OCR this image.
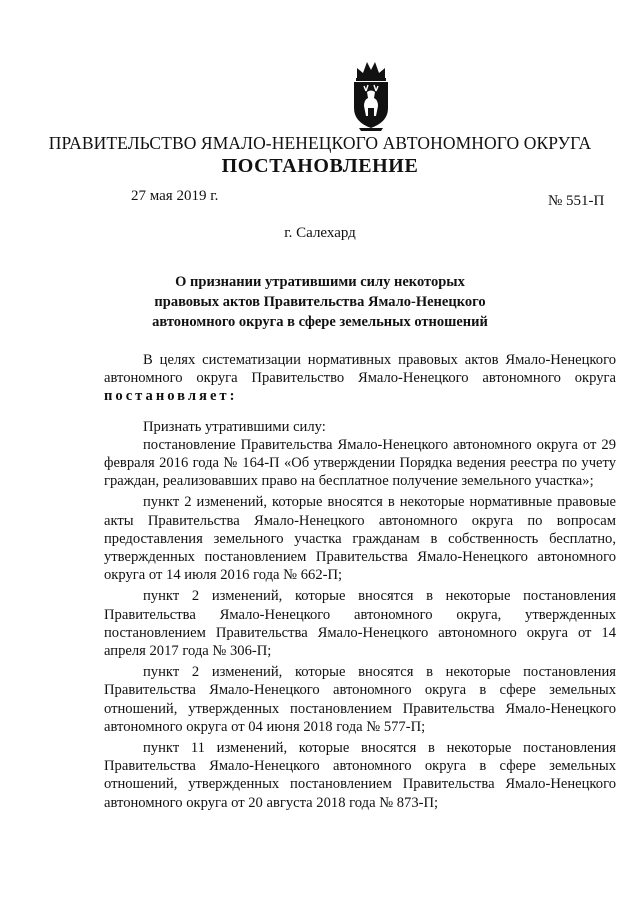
ПРАВИТЕЛЬСТВО ЯМАЛО-НЕНЕЦКОГО АВТОНОМНОГО ОКРУГА
ПОСТАНОВЛЕНИЕ
27 мая 2019 г.	№ 551-П
г. Салехард
О признании утратившими силу некоторых правовых актов Правительства Ямало-Ненецкого автономного округа в сфере земельных отношений

В целях систематизации нормативных правовых актов Ямало-Ненецкого автономного округа Правительство Ямало-Ненецкого автономного округа постановляет:

Признать утратившими силу:

постановление Правительства Ямало-Ненецкого автономного округа от 29 февраля 2016 года № 164-П «Об утверждении Порядка ведения реестра по учету граждан, реализовавших право на бесплатное получение земельного участка»;

пункт 2 изменений, которые вносятся в некоторые нормативные правовые акты Правительства Ямало-Ненецкого автономного округа по вопросам предоставления земельного участка гражданам в собственность бесплатно, утвержденных постановлением Правительства Ямало-Ненецкого автономного округа от 14 июля 2016 года № 662-П;

пункт 2 изменений, которые вносятся в некоторые постановления Правительства Ямало-Ненецкого автономного округа, утвержденных постановлением Правительства Ямало-Ненецкого автономного округа от 14 апреля 2017 года № 306-П;

пункт 2 изменений, которые вносятся в некоторые постановления Правительства Ямало-Ненецкого автономного округа в сфере земельных отношений, утвержденных постановлением Правительства Ямало-Ненецкого автономного округа от 04 июня 2018 года № 577-П;

пункт 11 изменений, которые вносятся в некоторые постановления Правительства Ямало-Ненецкого автономного округа в сфере земельных отношений, утвержденных постановлением Правительства Ямало-Ненецкого автономного округа от 20 августа 2018 года № 873-П;
